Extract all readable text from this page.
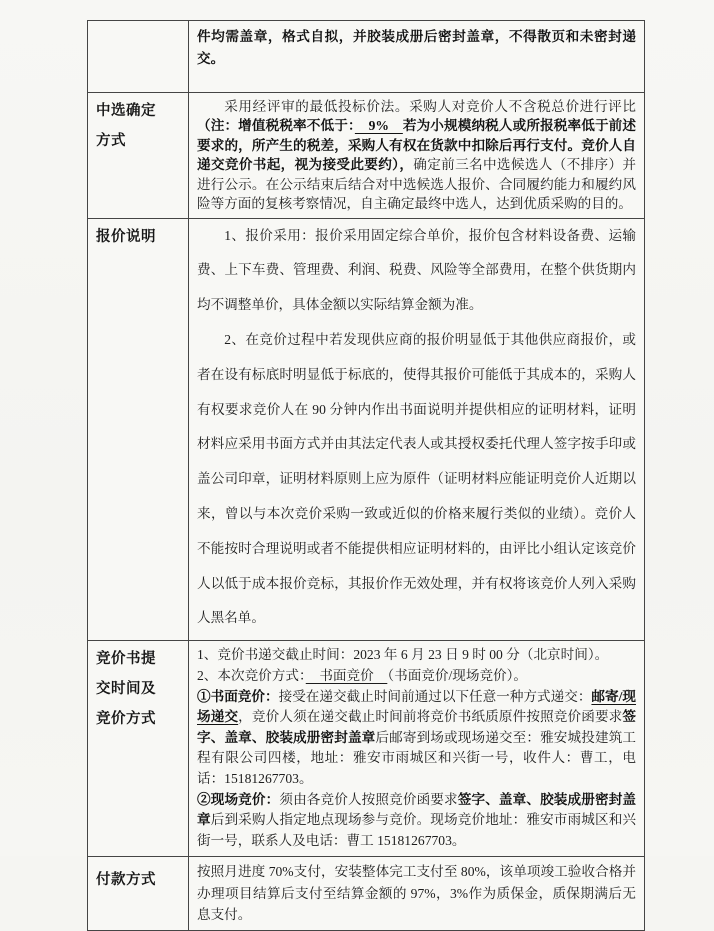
	件均需盖章，格式自拟，并胶装成册后密封盖章，不得散页和未密封递交。

中选确定方式	采用经评审的最低投标价法。采购人对竞价人不含税总价进行评比（注：增值税税率不低于：　9%　若为小规模纳税人或所报税率低于前述要求的，所产生的税差，采购人有权在货款中扣除后再行支付。竞价人自递交竞价书起，视为接受此要约），确定前三名中选候选人（不排序）并进行公示。在公示结束后结合对中选候选人报价、合同履约能力和履约风险等方面的复核考察情况，自主确定最终中选人，达到优质采购的目的。

报价说明	1、报价采用：报价采用固定综合单价，报价包含材料设备费、运输费、上下车费、管理费、利润、税费、风险等全部费用，在整个供货期内均不调整单价，具体金额以实际结算金额为准。

2、在竞价过程中若发现供应商的报价明显低于其他供应商报价，或者在设有标底时明显低于标底的，使得其报价可能低于其成本的，采购人有权要求竞价人在 90 分钟内作出书面说明并提供相应的证明材料，证明材料应采用书面方式并由其法定代表人或其授权委托代理人签字按手印或盖公司印章，证明材料原则上应为原件（证明材料应能证明竞价人近期以来，曾以与本次竞价采购一致或近似的价格来履行类似的业绩）。竞价人不能按时合理说明或者不能提供相应证明材料的，由评比小组认定该竞价人以低于成本报价竞标，其报价作无效处理，并有权将该竞价人列入采购人黑名单。

竞价书提交时间及竞价方式	1、竞价书递交截止时间：2023 年 6 月 23 日 9 时 00 分（北京时间）。

2、本次竞价方式：　书面竞价　（书面竞价/现场竞价）。

①书面竞价：接受在递交截止时间前通过以下任意一种方式递交：邮寄/现场递交，竞价人须在递交截止时间前将竞价书纸质原件按照竞价函要求签字、盖章、胶装成册密封盖章后邮寄到场或现场递交至：雅安城投建筑工程有限公司四楼，地址：雅安市雨城区和兴街一号，收件人：曹工，电话：15181267703。

②现场竞价：须由各竞价人按照竞价函要求签字、盖章、胶装成册密封盖章后到采购人指定地点现场参与竞价。现场竞价地址：雅安市雨城区和兴街一号，联系人及电话：曹工 15181267703。

付款方式	按照月进度 70%支付，安装整体完工支付至 80%，该单项竣工验收合格并办理项目结算后支付至结算金额的 97%，3%作为质保金，质保期满后无息支付。
